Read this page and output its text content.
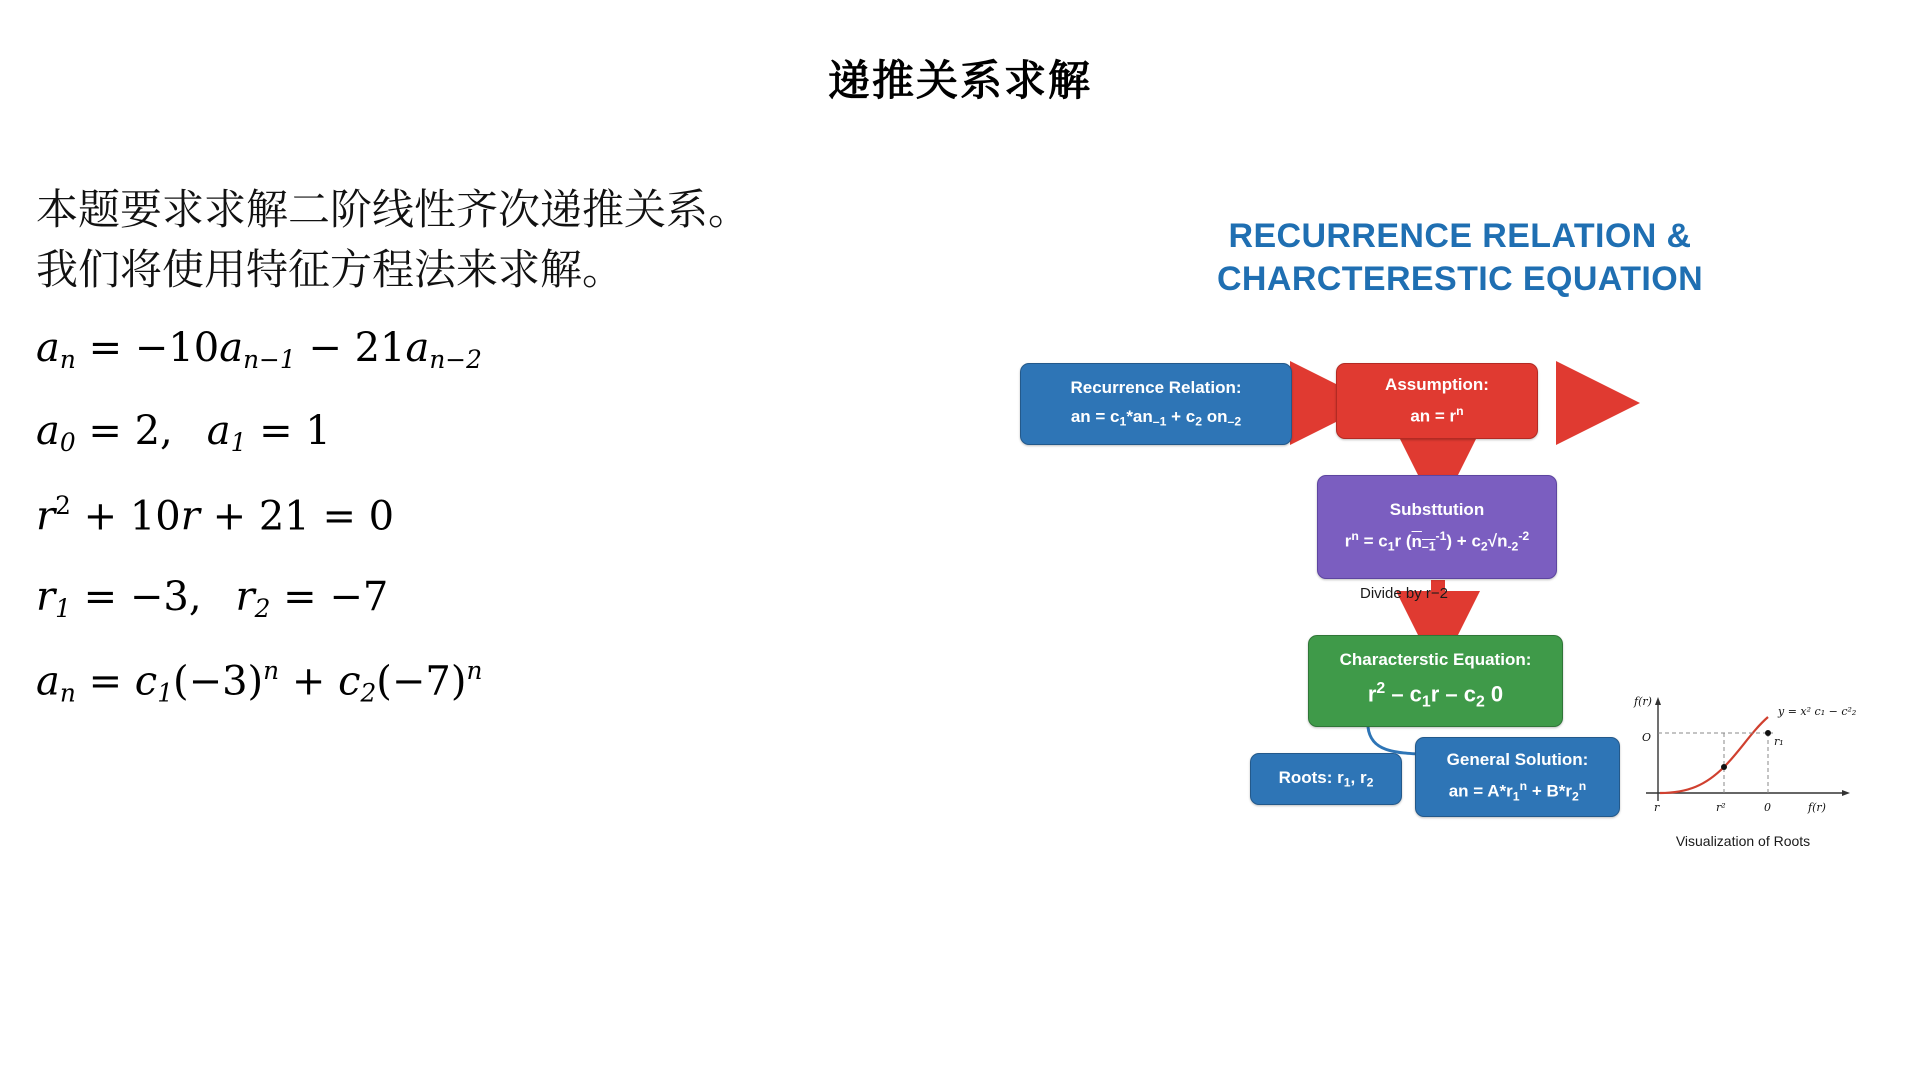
递推关系求解
本题要求求解二阶线性齐次递推关系。
我们将使用特征方程法来求解。
$a_n = -10a_{n-1} - 21a_{n-2}$
$a_0 = 2$, $a_1 = 1$
$r^2 + 10r + 21 = 0$
$r_1 = -3$, $r_2 = -7$
$a_n = c_1(-3)^n + c_2(-7)^n$
RECURRENCE RELATION &
CHARCTERESTIC EQUATION
Recurrence Relation:
an = $c_1*an_{-1} + c_2$ $on_{-2}$
Assumption:
an = $r^n$
Substtution
$r^n = c_1r$ $(n_{-1}^{-1}) + c_2√n_{-2}^{-2}$
Divide by r−2
Characterstic Equation:
$r^2 - c_1r - c_2$ 0
Roots: $r_1$, $r_2$
General Solution:
an = $A*r_1^n + B*r_2^n$
f(r)
y = x² c₁ − c²₂
O	r₁
r	r²	0	f(r)
Visualization of Roots
